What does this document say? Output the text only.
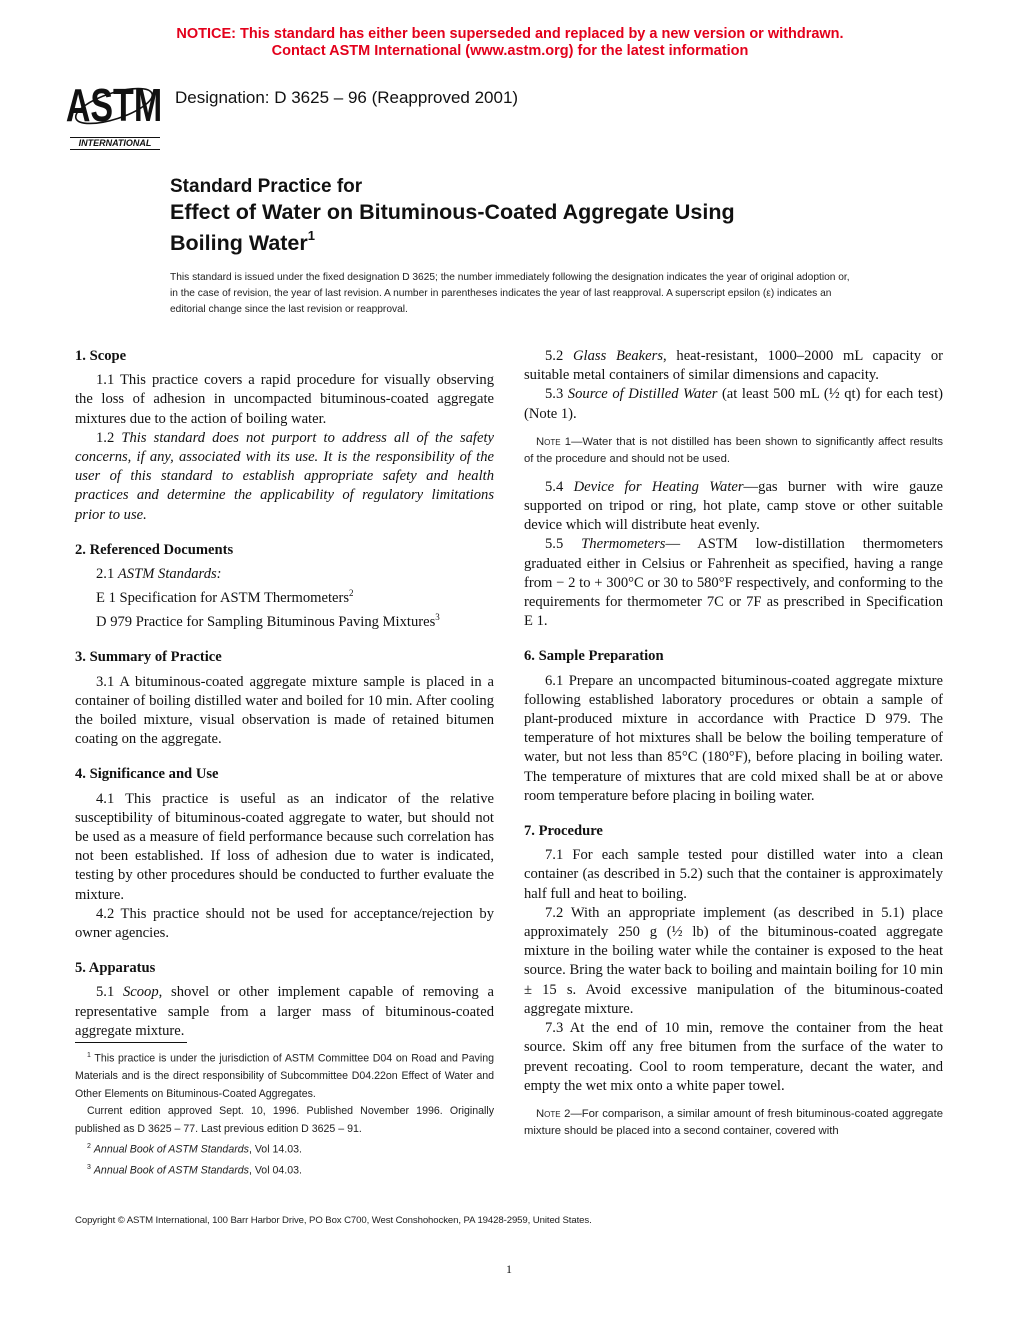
NOTICE: This standard has either been superseded and replaced by a new version or withdrawn.
Contact ASTM International (www.astm.org) for the latest information
ASTM
INTERNATIONAL
Designation: D 3625 – 96 (Reapproved 2001)
Standard Practice for
Effect of Water on Bituminous-Coated Aggregate Using
Boiling Water$^1$
This standard is issued under the fixed designation D 3625; the number immediately following the designation indicates the year of original adoption or, in the case of revision, the year of last revision. A number in parentheses indicates the year of last reapproval. A superscript epsilon (ε) indicates an editorial change since the last revision or reapproval.
1. Scope

1.1 This practice covers a rapid procedure for visually observing the loss of adhesion in uncompacted bituminous-coated aggregate mixtures due to the action of boiling water.

1.2 This standard does not purport to address all of the safety concerns, if any, associated with its use. It is the responsibility of the user of this standard to establish appropriate safety and health practices and determine the applicability of regulatory limitations prior to use.

2. Referenced Documents

2.1 ASTM Standards:

E 1 Specification for ASTM Thermometers$^2$

D 979 Practice for Sampling Bituminous Paving Mixtures$^3$

3. Summary of Practice

3.1 A bituminous-coated aggregate mixture sample is placed in a container of boiling distilled water and boiled for 10 min. After cooling the boiled mixture, visual observation is made of retained bitumen coating on the aggregate.

4. Significance and Use

4.1 This practice is useful as an indicator of the relative susceptibility of bituminous-coated aggregate to water, but should not be used as a measure of field performance because such correlation has not been established. If loss of adhesion due to water is indicated, testing by other procedures should be conducted to further evaluate the mixture.

4.2 This practice should not be used for acceptance/rejection by owner agencies.

5. Apparatus

5.1 Scoop, shovel or other implement capable of removing a representative sample from a larger mass of bituminous-coated aggregate mixture.

$^1$ This practice is under the jurisdiction of ASTM Committee D04 on Road and Paving Materials and is the direct responsibility of Subcommittee D04.22on Effect of Water and Other Elements on Bituminous-Coated Aggregates.

Current edition approved Sept. 10, 1996. Published November 1996. Originally published as D 3625 – 77. Last previous edition D 3625 – 91.

$^2$ Annual Book of ASTM Standards, Vol 14.03.

$^3$ Annual Book of ASTM Standards, Vol 04.03.

5.2 Glass Beakers, heat-resistant, 1000–2000 mL capacity or suitable metal containers of similar dimensions and capacity.

5.3 Source of Distilled Water (at least 500 mL (½ qt) for each test) (Note 1).

Note 1—Water that is not distilled has been shown to significantly affect results of the procedure and should not be used.

5.4 Device for Heating Water—gas burner with wire gauze supported on tripod or ring, hot plate, camp stove or other suitable device which will distribute heat evenly.

5.5 Thermometers— ASTM low-distillation thermometers graduated either in Celsius or Fahrenheit as specified, having a range from − 2 to + 300°C or 30 to 580°F respectively, and conforming to the requirements for thermometer 7C or 7F as prescribed in Specification E 1.

6. Sample Preparation

6.1 Prepare an uncompacted bituminous-coated aggregate mixture following established laboratory procedures or obtain a sample of plant-produced mixture in accordance with Practice D 979. The temperature of hot mixtures shall be below the boiling temperature of water, but not less than 85°C (180°F), before placing in boiling water. The temperature of mixtures that are cold mixed shall be at or above room temperature before placing in boiling water.

7. Procedure

7.1 For each sample tested pour distilled water into a clean container (as described in 5.2) such that the container is approximately half full and heat to boiling.

7.2 With an appropriate implement (as described in 5.1) place approximately 250 g (½ lb) of the bituminous-coated aggregate mixture in the boiling water while the container is exposed to the heat source. Bring the water back to boiling and maintain boiling for 10 min ± 15 s. Avoid excessive manipulation of the bituminous-coated aggregate mixture.

7.3 At the end of 10 min, remove the container from the heat source. Skim off any free bitumen from the surface of the water to prevent recoating. Cool to room temperature, decant the water, and empty the wet mix onto a white paper towel.

Note 2—For comparison, a similar amount of fresh bituminous-coated aggregate mixture should be placed into a second container, covered with

Copyright © ASTM International, 100 Barr Harbor Drive, PO Box C700, West Conshohocken, PA 19428-2959, United States.
1
